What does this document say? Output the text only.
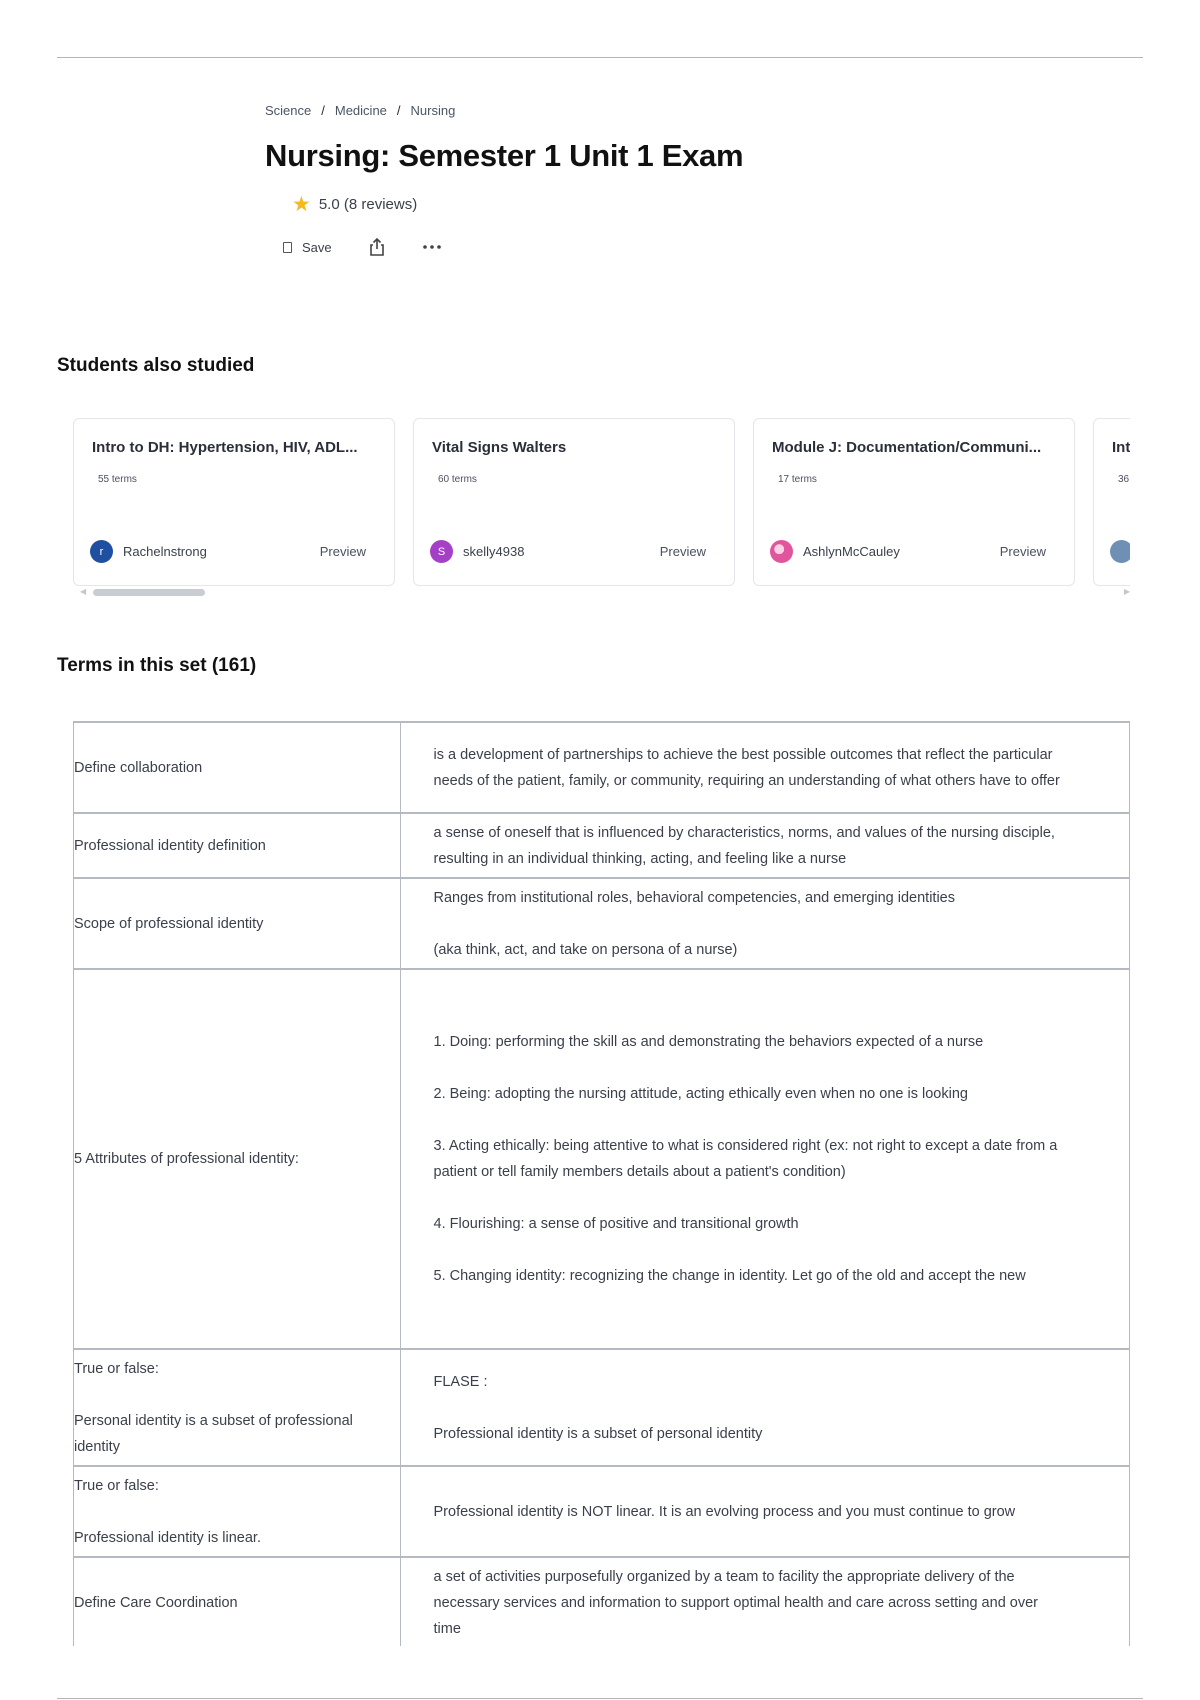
Science / Medicine / Nursing
Nursing: Semester 1 Unit 1 Exam
★ 5.0 (8 reviews)
Save
Students also studied
Intro to DH: Hypertension, HIV, ADL...
55 terms
r	Rachelnstrong	Preview
Vital Signs Walters
60 terms
S	skelly4938	Preview
Module J: Documentation/Communi...
17 terms
AshlynMcCauley	Preview
Int
36
◀	▶
Terms in this set (161)
Define collaboration	is a development of partnerships to achieve the best possible outcomes that reflect the particular needs of the patient, family, or community, requiring an understanding of what others have to offer
Professional identity definition	a sense of oneself that is influenced by characteristics, norms, and values of the nursing disciple, resulting in an individual thinking, acting, and feeling like a nurse
Scope of professional identity	Ranges from institutional roles, behavioral competencies, and emerging identities

(aka think, act, and take on persona of a nurse)
5 Attributes of professional identity:	1. Doing: performing the skill as and demonstrating the behaviors expected of a nurse

2. Being: adopting the nursing attitude, acting ethically even when no one is looking

3. Acting ethically: being attentive to what is considered right (ex: not right to except a date from a patient or tell family members details about a patient's condition)

4. Flourishing: a sense of positive and transitional growth

5. Changing identity: recognizing the change in identity. Let go of the old and accept the new
True or false:

Personal identity is a subset of professional identity	FLASE :

Professional identity is a subset of personal identity
True or false:

Professional identity is linear.	Professional identity is NOT linear. It is an evolving process and you must continue to grow
Define Care Coordination	a set of activities purposefully organized by a team to facility the appropriate delivery of the necessary services and information to support optimal health and care across setting and over time
